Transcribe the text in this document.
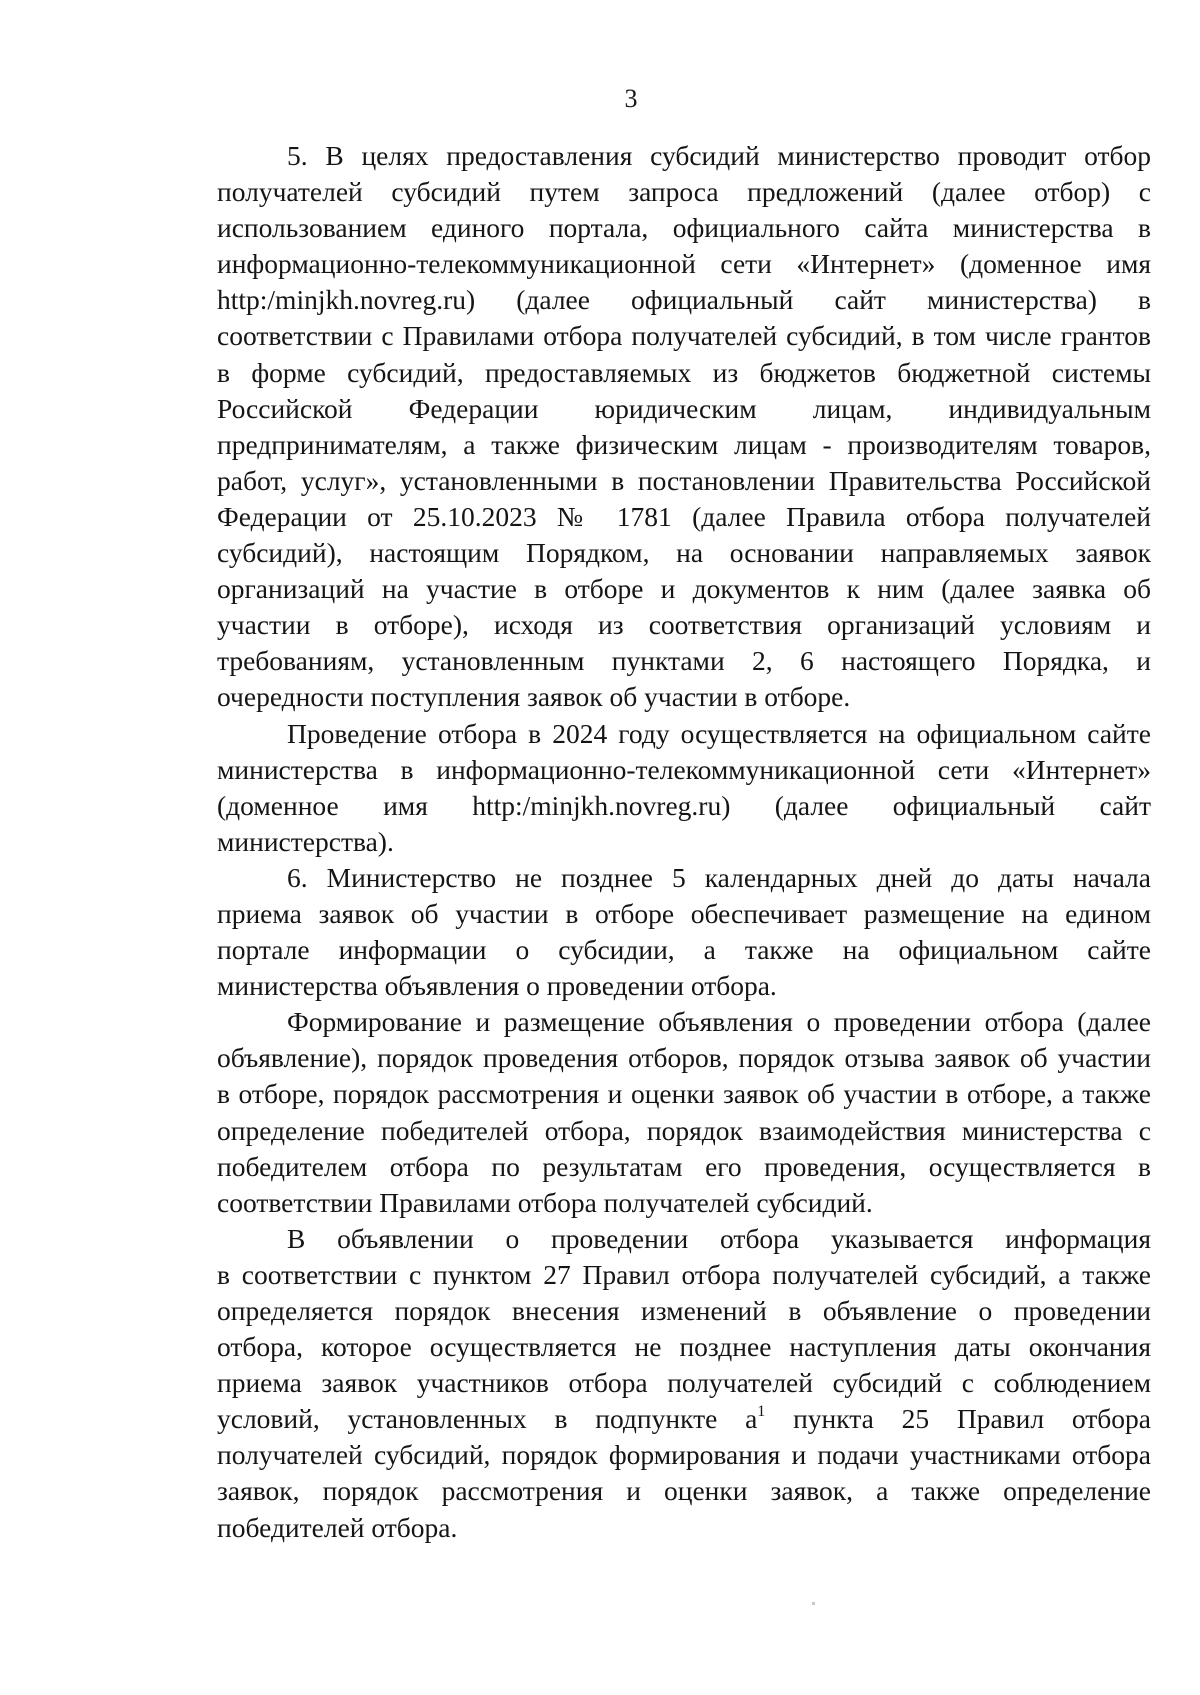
3
5. В целях предоставления субсидий министерство проводит отбор
получателей субсидий путем запроса предложений (далее отбор) с
использованием единого портала, официального сайта министерства в
информационно-телекоммуникационной сети «Интернет» (доменное имя
http:/minjkh.novreg.ru) (далее официальный сайт министерства) в
соответствии с Правилами отбора получателей субсидий, в том числе грантов
в форме субсидий, предоставляемых из бюджетов бюджетной системы
Российской Федерации юридическим лицам, индивидуальным
предпринимателям, а также физическим лицам - производителям товаров,
работ, услуг», установленными в постановлении Правительства Российской
Федерации от 25.10.2023 № 1781 (далее Правила отбора получателей
субсидий), настоящим Порядком, на основании направляемых заявок
организаций на участие в отборе и документов к ним (далее заявка об
участии в отборе), исходя из соответствия организаций условиям и
требованиям, установленным пунктами 2, 6 настоящего Порядка, и
очередности поступления заявок об участии в отборе.
Проведение отбора в 2024 году осуществляется на официальном сайте
министерства в информационно-телекоммуникационной сети «Интернет»
(доменное имя http:/minjkh.novreg.ru) (далее официальный сайт
министерства).
6. Министерство не позднее 5 календарных дней до даты начала
приема заявок об участии в отборе обеспечивает размещение на едином
портале информации о субсидии, а также на официальном сайте
министерства объявления о проведении отбора.
Формирование и размещение объявления о проведении отбора (далее
объявление), порядок проведения отборов, порядок отзыва заявок об участии
в отборе, порядок рассмотрения и оценки заявок об участии в отборе, а также
определение победителей отбора, порядок взаимодействия министерства с
победителем отбора по результатам его проведения, осуществляется в
соответствии Правилами отбора получателей субсидий.
В объявлении о проведении отбора указывается информация
в соответствии с пунктом 27 Правил отбора получателей субсидий, а также
определяется порядок внесения изменений в объявление о проведении
отбора, которое осуществляется не позднее наступления даты окончания
приема заявок участников отбора получателей субсидий с соблюдением
условий, установленных в подпункте $а^1$ пункта 25 Правил отбора
получателей субсидий, порядок формирования и подачи участниками отбора
заявок, порядок рассмотрения и оценки заявок, а также определение
победителей отбора.
